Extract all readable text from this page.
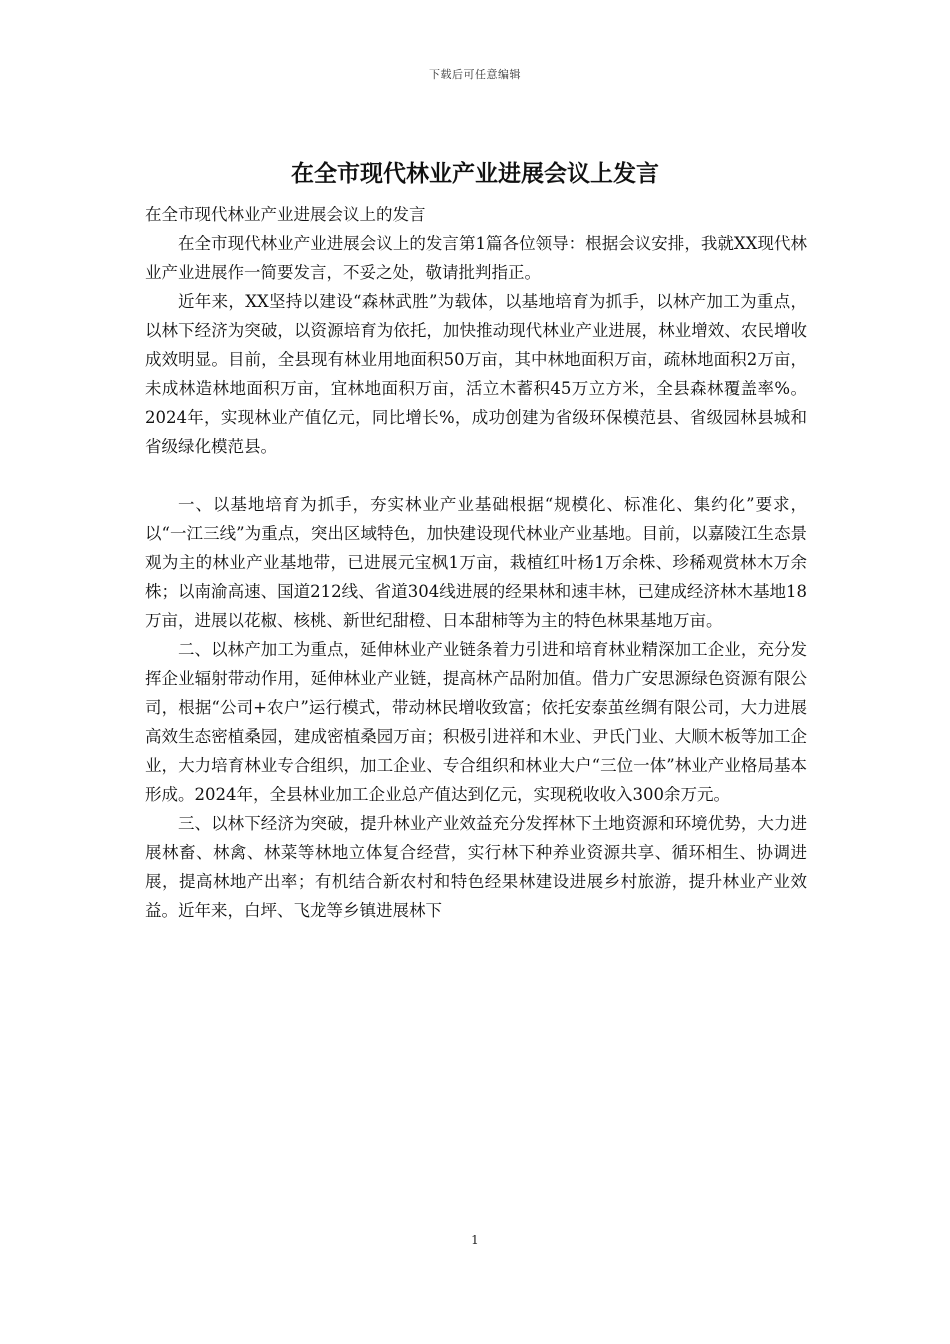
下载后可任意编辑
在全市现代林业产业进展会议上发言

在全市现代林业产业进展会议上的发言

在全市现代林业产业进展会议上的发言第1篇各位领导：根据会议安排，我就XX现代林业产业进展作一简要发言，不妥之处，敬请批判指正。

近年来，XX坚持以建设“森林武胜”为载体，以基地培育为抓手，以林产加工为重点，以林下经济为突破，以资源培育为依托，加快推动现代林业产业进展，林业增效、农民增收成效明显。目前，全县现有林业用地面积50万亩，其中林地面积万亩，疏林地面积2万亩，未成林造林地面积万亩，宜林地面积万亩，活立木蓄积45万立方米，全县森林覆盖率%。2024年，实现林业产值亿元，同比增长%，成功创建为省级环保模范县、省级园林县城和省级绿化模范县。

一、以基地培育为抓手，夯实林业产业基础根据“规模化、标准化、集约化”要求，以“一江三线”为重点，突出区域特色，加快建设现代林业产业基地。目前，以嘉陵江生态景观为主的林业产业基地带，已进展元宝枫1万亩，栽植红叶杨1万余株、珍稀观赏林木万余株；以南渝高速、国道212线、省道304线进展的经果林和速丰林，已建成经济林木基地18万亩，进展以花椒、核桃、新世纪甜橙、日本甜柿等为主的特色林果基地万亩。

二、以林产加工为重点，延伸林业产业链条着力引进和培育林业精深加工企业，充分发挥企业辐射带动作用，延伸林业产业链，提高林产品附加值。借力广安思源绿色资源有限公司，根据“公司+农户”运行模式，带动林民增收致富；依托安泰茧丝绸有限公司，大力进展高效生态密植桑园，建成密植桑园万亩；积极引进祥和木业、尹氏门业、大顺木板等加工企业，大力培育林业专合组织，加工企业、专合组织和林业大户“三位一体”林业产业格局基本形成。2024年，全县林业加工企业总产值达到亿元，实现税收收入300余万元。

三、以林下经济为突破，提升林业产业效益充分发挥林下土地资源和环境优势，大力进展林畜、林禽、林菜等林地立体复合经营，实行林下种养业资源共享、循环相生、协调进展，提高林地产出率；有机结合新农村和特色经果林建设进展乡村旅游，提升林业产业效益。近年来，白坪、飞龙等乡镇进展林下

1
